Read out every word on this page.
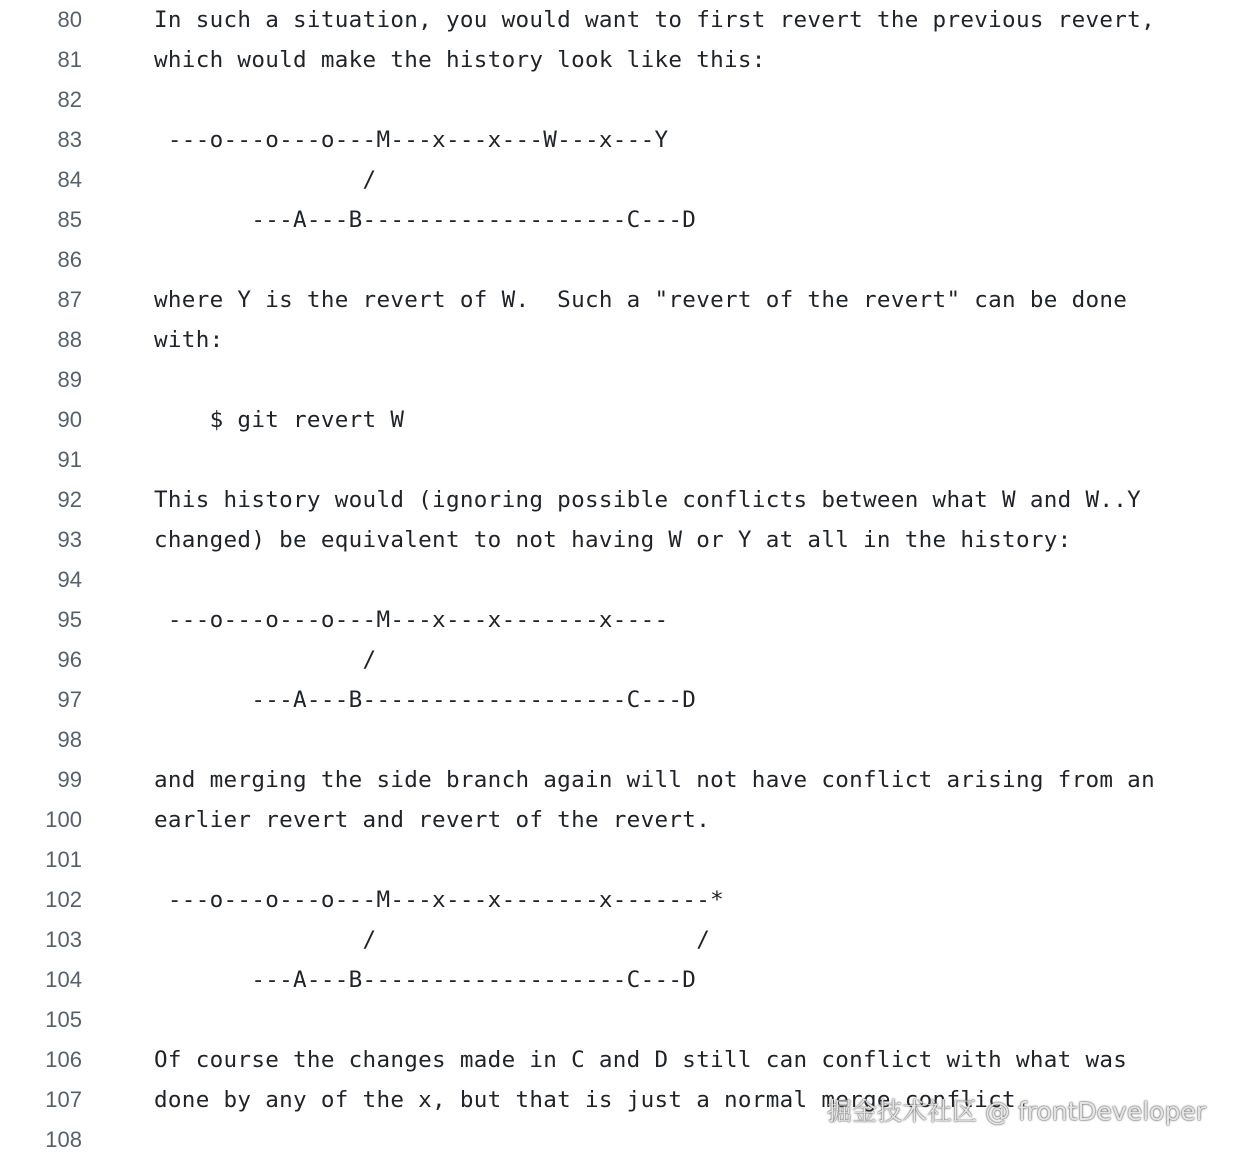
80	In such a situation, you would want to first revert the previous revert,
81	which would make the history look like this:
82
83	---o---o---o---M---x---x---W---x---Y
84	/
85	---A---B-------------------C---D
86
87	where Y is the revert of W.  Such a "revert of the revert" can be done
88	with:
89
90	$ git revert W
91
92	This history would (ignoring possible conflicts between what W and W..Y
93	changed) be equivalent to not having W or Y at all in the history:
94
95	---o---o---o---M---x---x-------x----
96	/
97	---A---B-------------------C---D
98
99	and merging the side branch again will not have conflict arising from an
100	earlier revert and revert of the revert.
101
102	---o---o---o---M---x---x-------x-------*
103	/                       /
104	---A---B-------------------C---D
105
106	Of course the changes made in C and D still can conflict with what was
107	done by any of the x, but that is just a normal merge conflict.
108
掘金技术社区 @ frontDeveloper
